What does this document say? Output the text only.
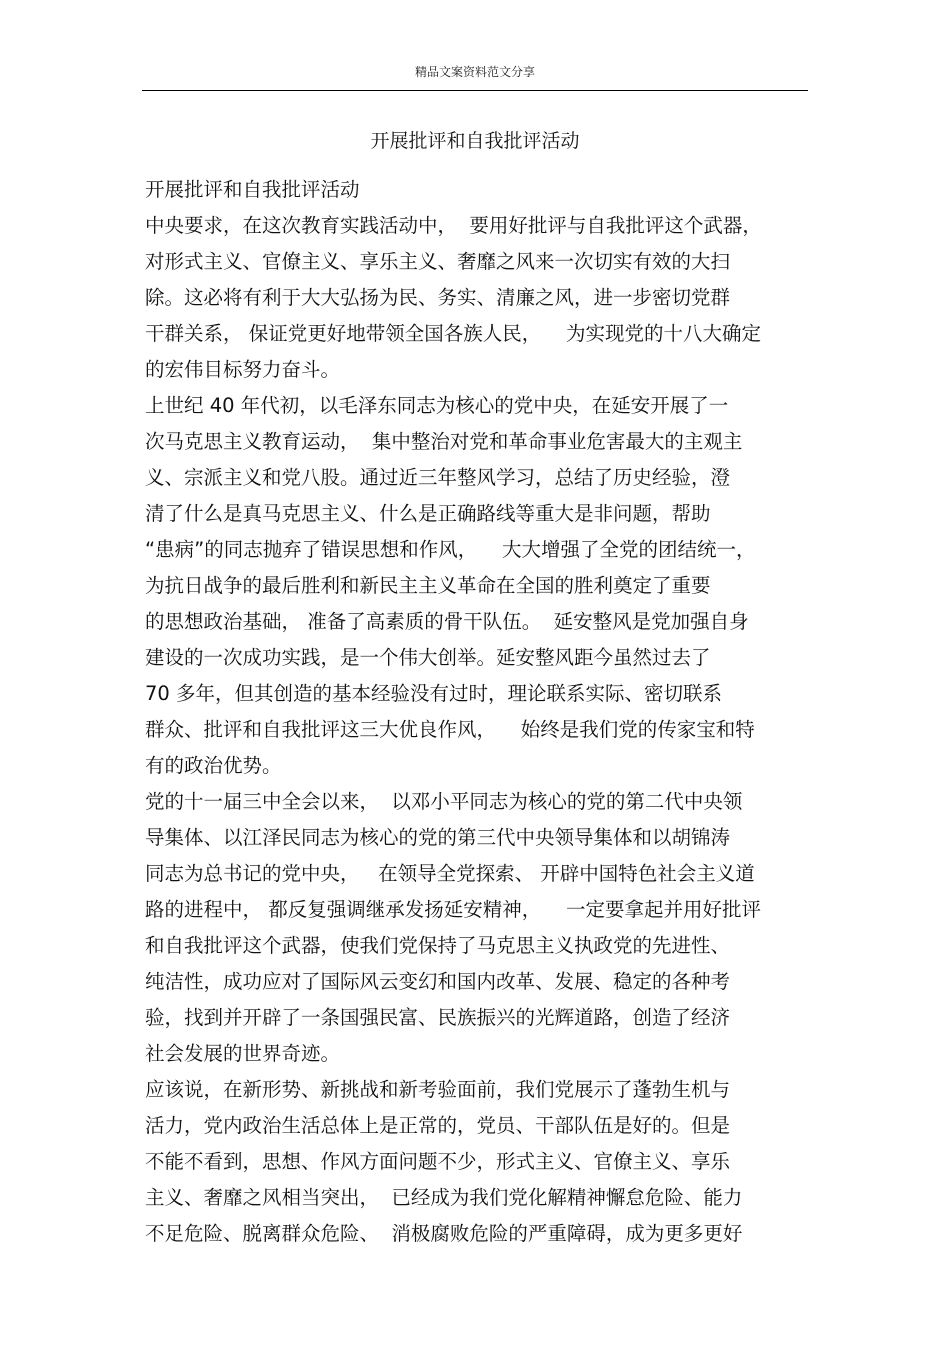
精品文案资料范文分享
开展批评和自我批评活动
开展批评和自我批评活动
中央要求，在这次教育实践活动中，  要用好批评与自我批评这个武器，
对形式主义、官僚主义、享乐主义、奢靡之风来一次切实有效的大扫
除。这必将有利于大大弘扬为民、务实、清廉之风，进一步密切党群
干群关系， 保证党更好地带领全国各族人民，    为实现党的十八大确定
的宏伟目标努力奋斗。
上世纪 40 年代初，以毛泽东同志为核心的党中央，在延安开展了一
次马克思主义教育运动，  集中整治对党和革命事业危害最大的主观主
义、宗派主义和党八股。通过近三年整风学习，总结了历史经验，澄
清了什么是真马克思主义、什么是正确路线等重大是非问题，帮助
“患病”的同志抛弃了错误思想和作风，    大大增强了全党的团结统一，
为抗日战争的最后胜利和新民主主义革命在全国的胜利奠定了重要
的思想政治基础， 准备了高素质的骨干队伍。  延安整风是党加强自身
建设的一次成功实践，是一个伟大创举。延安整风距今虽然过去了
70 多年，但其创造的基本经验没有过时，理论联系实际、密切联系
群众、批评和自我批评这三大优良作风，    始终是我们党的传家宝和特
有的政治优势。
党的十一届三中全会以来，  以邓小平同志为核心的党的第二代中央领
导集体、以江泽民同志为核心的党的第三代中央领导集体和以胡锦涛
同志为总书记的党中央，   在领导全党探索、 开辟中国特色社会主义道
路的进程中， 都反复强调继承发扬延安精神，    一定要拿起并用好批评
和自我批评这个武器，使我们党保持了马克思主义执政党的先进性、
纯洁性，成功应对了国际风云变幻和国内改革、发展、稳定的各种考
验，找到并开辟了一条国强民富、民族振兴的光辉道路，创造了经济
社会发展的世界奇迹。
应该说，在新形势、新挑战和新考验面前，我们党展示了蓬勃生机与
活力，党内政治生活总体上是正常的，党员、干部队伍是好的。但是
不能不看到，思想、作风方面问题不少，形式主义、官僚主义、享乐
主义、奢靡之风相当突出，  已经成为我们党化解精神懈怠危险、能力
不足危险、脱离群众危险、  消极腐败危险的严重障碍，成为更多更好
